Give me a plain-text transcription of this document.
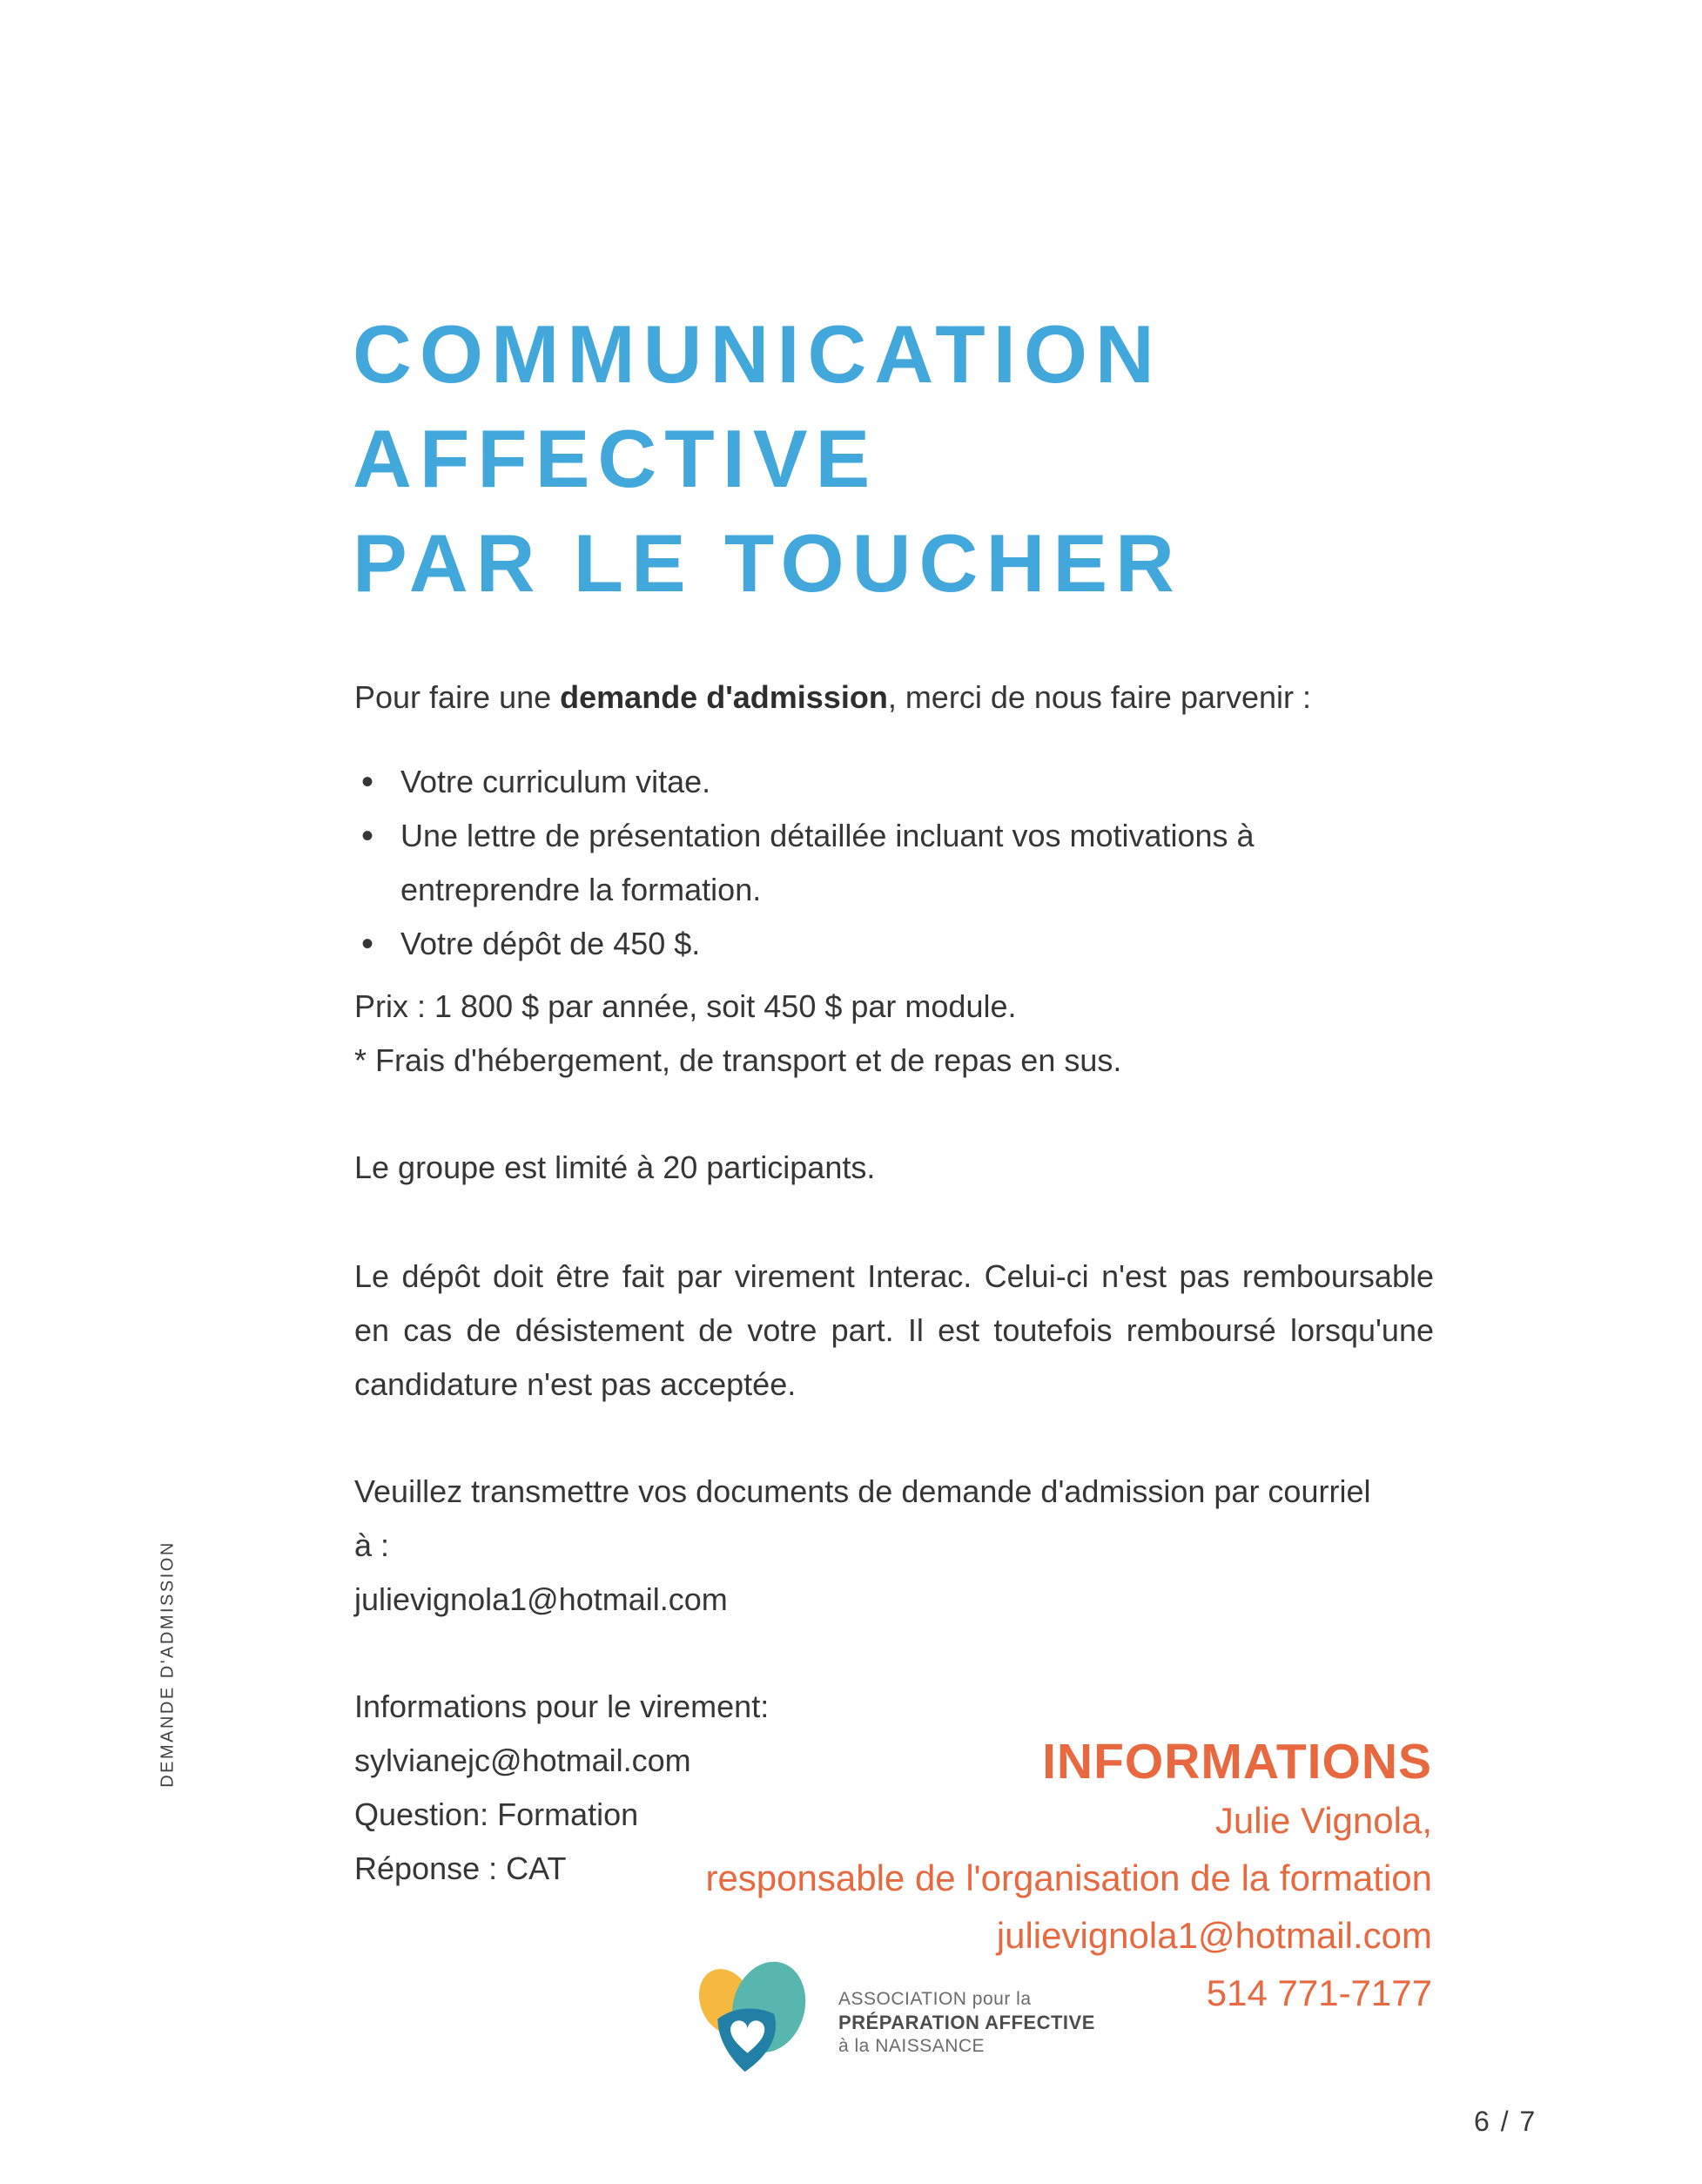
DEMANDE D'ADMISSION
COMMUNICATION
AFFECTIVE
PAR LE TOUCHER
Pour faire une demande d'admission, merci de nous faire parvenir :
• Votre curriculum vitae.
• Une lettre de présentation détaillée incluant vos motivations à entreprendre la formation.
• Votre dépôt de 450 $.
Prix : 1 800 $ par année, soit 450 $ par module.
* Frais d'hébergement, de transport et de repas en sus.
Le groupe est limité à 20 participants.
Le dépôt doit être fait par virement Interac. Celui-ci n'est pas remboursable en cas de désistement de votre part. Il est toutefois remboursé lorsqu'une candidature n'est pas acceptée.
Veuillez transmettre vos documents de demande d'admission par courriel à :
julievignola1@hotmail.com
Informations pour le virement:
sylvianejc@hotmail.com
Question: Formation
Réponse : CAT
INFORMATIONS
Julie Vignola,
responsable de l'organisation de la formation
julievignola1@hotmail.com
514 771-7177
ASSOCIATION pour la
PRÉPARATION AFFECTIVE
à la NAISSANCE
6 / 7
